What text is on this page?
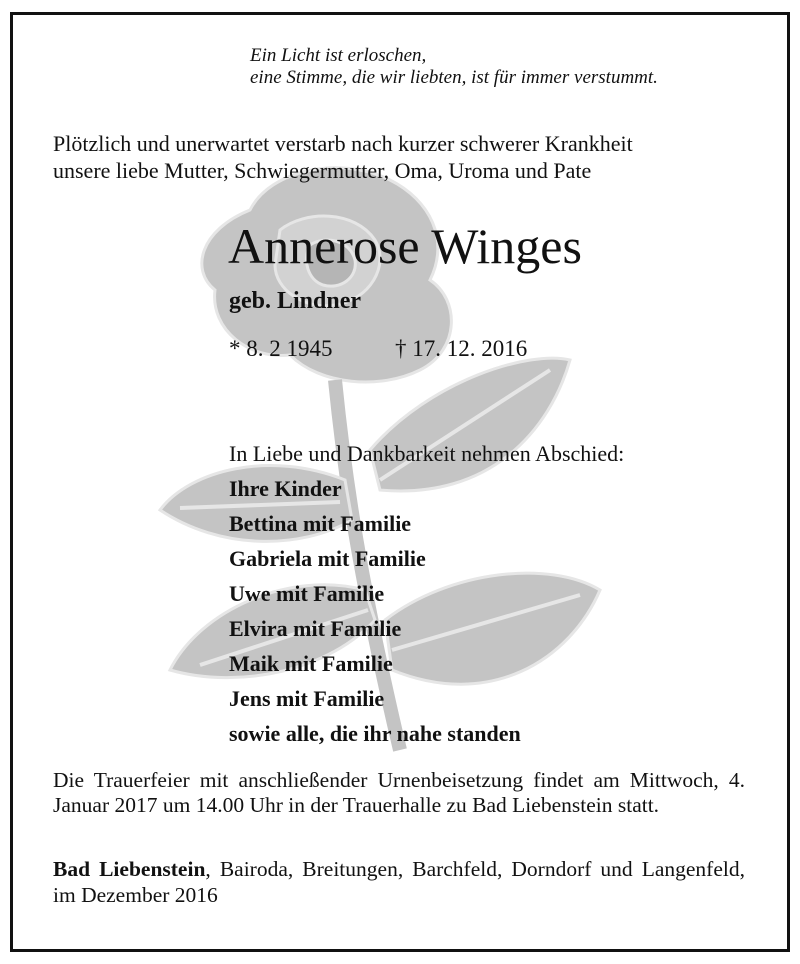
Ein Licht ist erloschen,
eine Stimme, die wir liebten, ist für immer verstummt.
Plötzlich und unerwartet verstarb nach kurzer schwerer Krankheit
unsere liebe Mutter, Schwiegermutter, Oma, Uroma und Pate
Annerose Winges
geb. Lindner
* 8. 2 1945	† 17. 12. 2016
In Liebe und Dankbarkeit nehmen Abschied:
Ihre Kinder
Bettina mit Familie
Gabriela mit Familie
Uwe mit Familie
Elvira mit Familie
Maik mit Familie
Jens mit Familie
sowie alle, die ihr nahe standen
Die Trauerfeier mit anschließender Urnenbeisetzung findet am Mittwoch, 4. Januar 2017 um 14.00 Uhr in der Trauerhalle zu Bad Liebenstein statt.
Bad Liebenstein, Bairoda, Breitungen, Barchfeld, Dorndorf und Langenfeld, im Dezember 2016
